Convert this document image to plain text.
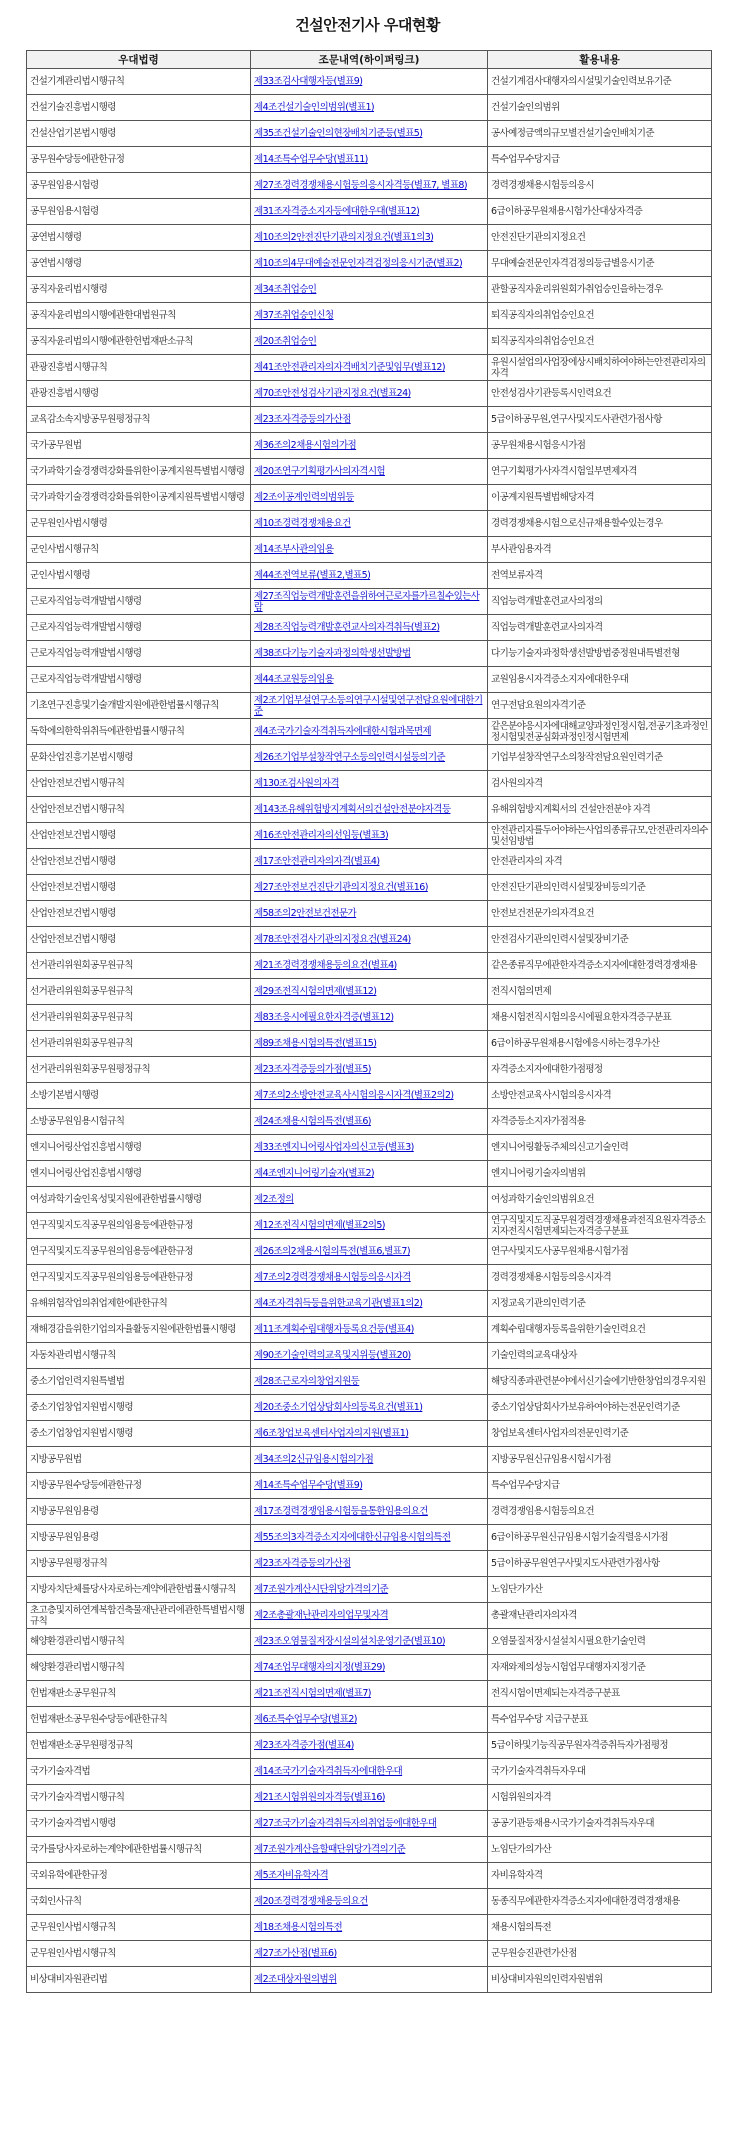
건설안전기사 우대현황
우대법령	조문내역(하이퍼링크)	활용내용
건설기계관리법시행규칙	제33조검사대행자등(별표9)	건설기계검사대행자의시설및기술인력보유기준
건설기술진흥법시행령	제4조건설기술인의범위(별표1)	건설기술인의범위
건설산업기본법시행령	제35조건설기술인의현장배치기준등(별표5)	공사예정금액의규모별건설기술인배치기준
공무원수당등에관한규정	제14조특수업무수당(별표11)	특수업무수당지급
공무원임용시험령	제27조경력경쟁채용시험등의응시자격등(별표7, 별표8)	경력경쟁채용시험등의응시
공무원임용시험령	제31조자격증소지자등에대한우대(별표12)	6급이하공무원채용시험가산대상자격증
공연법시행령	제10조의2안전진단기관의지정요건(별표1의3)	안전진단기관의지정요건
공연법시행령	제10조의4무대예술전문인자격검정의응시기준(별표2)	무대예술전문인자격검정의등급별응시기준
공직자윤리법시행령	제34조취업승인	관할공직자윤리위원회가취업승인을하는경우
공직자윤리법의시행에관한대법원규칙	제37조취업승인신청	퇴직공직자의취업승인요건
공직자윤리법의시행에관한헌법재판소규칙	제20조취업승인	퇴직공직자의취업승인요건
관광진흥법시행규칙	제41조안전관리자의자격배치기준및임무(별표12)	유원시설업의사업장에상시배치하여야하는안전관리자의자격
관광진흥법시행령	제70조안전성검사기관지정요건(별표24)	안전성검사기관등록시인력요건
교육감소속지방공무원평정규칙	제23조자격증등의가산점	5급이하공무원,연구사및지도사관련가점사항
국가공무원법	제36조의2채용시험의가점	공무원채용시험응시가점
국가과학기술경쟁력강화를위한이공계지원특별법시행령	제20조연구기획평가사의자격시험	연구기획평가사자격시험일부면제자격
국가과학기술경쟁력강화를위한이공계지원특별법시행령	제2조이공계인력의범위등	이공계지원특별법해당자격
군무원인사법시행령	제10조경력경쟁채용요건	경력경쟁채용시험으로신규채용할수있는경우
군인사법시행규칙	제14조부사관의임용	부사관임용자격
군인사법시행령	제44조전역보류(별표2,별표5)	전역보류자격
근로자직업능력개발법시행령	제27조직업능력개발훈련을위하여근로자를가르칠수있는사람	직업능력개발훈련교사의정의
근로자직업능력개발법시행령	제28조직업능력개발훈련교사의자격취득(별표2)	직업능력개발훈련교사의자격
근로자직업능력개발법시행령	제38조다기능기술자과정의학생선발방법	다기능기술자과정학생선발방법중정원내특별전형
근로자직업능력개발법시행령	제44조교원등의임용	교원임용시자격증소지자에대한우대
기초연구진흥및기술개발지원에관한법률시행규칙	제2조기업부설연구소등의연구시설및연구전담요원에대한기준	연구전담요원의자격기준
독학에의한학위취득에관한법률시행규칙	제4조국가기술자격취득자에대한시험과목면제	같은분야응시자에대해교양과정인정시험,전공기초과정인정시험및전공심화과정인정시험면제
문화산업진흥기본법시행령	제26조기업부설창작연구소등의인력시설등의기준	기업부설창작연구소의창작전담요원인력기준
산업안전보건법시행규칙	제130조검사원의자격	검사원의자격
산업안전보건법시행규칙	제143조유해위험방지계획서의건설안전분야자격등	유해위험방지계획서의 건설안전분야 자격
산업안전보건법시행령	제16조안전관리자의선임등(별표3)	안전관리자를두어야하는사업의종류규모,안전관리자의수및선임방법
산업안전보건법시행령	제17조안전관리자의자격(별표4)	안전관리자의 자격
산업안전보건법시행령	제27조안전보건진단기관의지정요건(별표16)	안전진단기관의인력시설및장비등의기준
산업안전보건법시행령	제58조의2안전보건전문가	안전보건전문가의자격요건
산업안전보건법시행령	제78조안전검사기관의지정요건(별표24)	안전검사기관의인력시설및장비기준
선거관리위원회공무원규칙	제21조경력경쟁채용등의요건(별표4)	같은종류직무에관한자격증소지자에대한경력경쟁채용
선거관리위원회공무원규칙	제29조전직시험의면제(별표12)	전직시험의면제
선거관리위원회공무원규칙	제83조응시에필요한자격증(별표12)	채용시험전직시험의응시에필요한자격증구분표
선거관리위원회공무원규칙	제89조채용시험의특전(별표15)	6급이하공무원채용시험에응시하는경우가산
선거관리위원회공무원평정규칙	제23조자격증등의가점(별표5)	자격증소지자에대한가점평정
소방기본법시행령	제7조의2소방안전교육사시험의응시자격(별표2의2)	소방안전교육사시험의응시자격
소방공무원임용시험규칙	제24조채용시험의특전(별표6)	자격증등소지자가점적용
엔지니어링산업진흥법시행령	제33조엔지니어링사업자의신고등(별표3)	엔지니어링활동주체의신고기술인력
엔지니어링산업진흥법시행령	제4조엔지니어링기술자(별표2)	엔지니어링기술자의범위
여성과학기술인육성및지원에관한법률시행령	제2조정의	여성과학기술인의범위요건
연구직및지도직공무원의임용등에관한규정	제12조전직시험의면제(별표2의5)	연구직및지도직공무원경력경쟁채용과전직요원자격증소지자전직시험면제되는자격증구분표
연구직및지도직공무원의임용등에관한규정	제26조의2채용시험의특전(별표6,별표7)	연구사및지도사공무원채용시험가점
연구직및지도직공무원의임용등에관한규정	제7조의2경력경쟁채용시험등의응시자격	경력경쟁채용시험등의응시자격
유해위험작업의취업제한에관한규칙	제4조자격취득등을위한교육기관(별표1의2)	지정교육기관의인력기준
재해경감을위한기업의자율활동지원에관한법률시행령	제11조계획수립대행자등록요건등(별표4)	계획수립대행자등록을위한기술인력요건
자동차관리법시행규칙	제90조기술인력의교육및지위등(별표20)	기술인력의교육대상자
중소기업인력지원특별법	제28조근로자의창업지원등	해당직종과관련분야에서신기술에기반한창업의경우지원
중소기업창업지원법시행령	제20조중소기업상담회사의등록요건(별표1)	중소기업상담회사가보유하여야하는전문인력기준
중소기업창업지원법시행령	제6조창업보육센터사업자의지원(별표1)	창업보육센터사업자의전문인력기준
지방공무원법	제34조의2신규임용시험의가점	지방공무원신규임용시험시가점
지방공무원수당등에관한규정	제14조특수업무수당(별표9)	특수업무수당지급
지방공무원임용령	제17조경력경쟁임용시험등을통한임용의요건	경력경쟁임용시험등의요건
지방공무원임용령	제55조의3자격증소지자에대한신규임용시험의특전	6급이하공무원신규임용시험기술직렬응시가점
지방공무원평정규칙	제23조자격증등의가산점	5급이하공무원연구사및지도사관련가점사항
지방자치단체를당사자로하는계약에관한법률시행규칙	제7조원가계산시단위당가격의기준	노임단가가산
초고층및지하연계복합건축물재난관리에관한특별법시행규칙	제2조총괄재난관리자의업무및자격	총괄재난관리자의자격
해양환경관리법시행규칙	제23조오염물질저장시설의설치운영기준(별표10)	오염물질저장시설설치시필요한기술인력
해양환경관리법시행규칙	제74조업무대행자의지정(별표29)	자재와제의성능시험업무대행자지정기준
헌법재판소공무원규칙	제21조전직시험의면제(별표7)	전직시험이면제되는자격증구분표
헌법재판소공무원수당등에관한규칙	제6조특수업무수당(별표2)	특수업무수당 지급구분표
헌법재판소공무원평정규칙	제23조자격증가점(별표4)	5급이하및기능직공무원자격증취득자가점평정
국가기술자격법	제14조국가기술자격취득자에대한우대	국가기술자격취득자우대
국가기술자격법시행규칙	제21조시험위원의자격등(별표16)	시험위원의자격
국가기술자격법시행령	제27조국가기술자격취득자의취업등에대한우대	공공기관등채용시국가기술자격취득자우대
국가를당사자로하는계약에관한법률시행규칙	제7조원가계산을할때단위당가격의기준	노임단가의가산
국외유학에관한규정	제5조자비유학자격	자비유학자격
국회인사규칙	제20조경력경쟁채용등의요건	동종직무에관한자격증소지자에대한경력경쟁채용
군무원인사법시행규칙	제18조채용시험의특전	채용시험의특전
군무원인사법시행규칙	제27조가산점(별표6)	군무원승진관련가산점
비상대비자원관리법	제2조대상자원의범위	비상대비자원의인력자원범위
